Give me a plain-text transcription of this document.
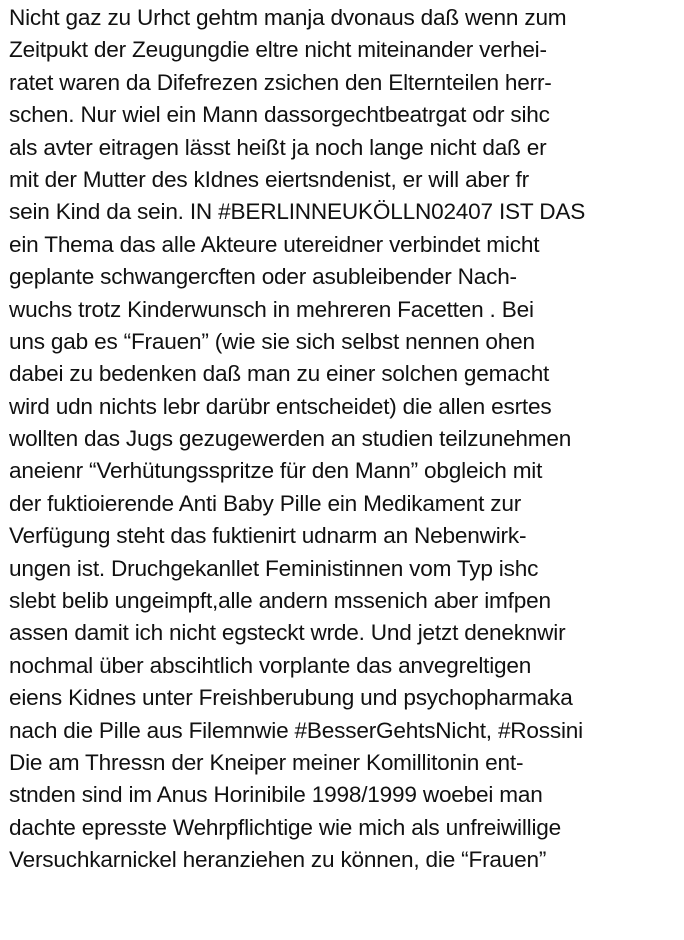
Nicht gaz zu Urhct gehtm manja dvonaus daß wenn zum
Zeitpukt der Zeugungdie eltre nicht miteinander verhei-
ratet waren da Difefrezen zsichen den Elternteilen herr-
schen. Nur wiel ein Mann dassorgechtbeatrgat odr sihc
als avter eitragen lässt heißt ja noch lange nicht daß er
mit der Mutter des kIdnes eiertsndenist, er will aber fr
sein Kind da sein. IN #BERLINNEUKÖLLN02407 IST DAS
ein Thema das alle Akteure utereidner verbindet micht
geplante schwangercften oder asubleibender Nach-
wuchs trotz Kinderwunsch in mehreren Facetten . Bei
uns gab es “Frauen” (wie sie sich selbst nennen ohen
dabei zu bedenken daß man zu einer solchen gemacht
wird udn nichts lebr darübr entscheidet) die allen esrtes
wollten das Jugs gezugewerden an studien teilzunehmen
aneienr “Verhütungsspritze für den Mann” obgleich mit
der fuktioierende Anti Baby Pille ein Medikament zur
Verfügung steht das fuktienirt udnarm an Nebenwirk-
ungen ist. Druchgekanllet Feministinnen vom Typ ishc
slebt belib ungeimpft,alle andern mssenich aber imfpen
assen damit ich nicht egsteckt wrde. Und jetzt deneknwir
nochmal über abscihtlich vorplante das anvegreltigen
eiens Kidnes unter Freishberubung und psychopharmaka
nach die Pille aus Filemnwie #BesserGehtsNicht, #Rossini
Die am Thressn der Kneiper meiner Komillitonin ent-
stnden sind im Anus Horinibile 1998/1999 woebei man
dachte epresste Wehrpflichtige wie mich als unfreiwillige
Versuchkarnickel heranziehen zu können, die “Frauen”
